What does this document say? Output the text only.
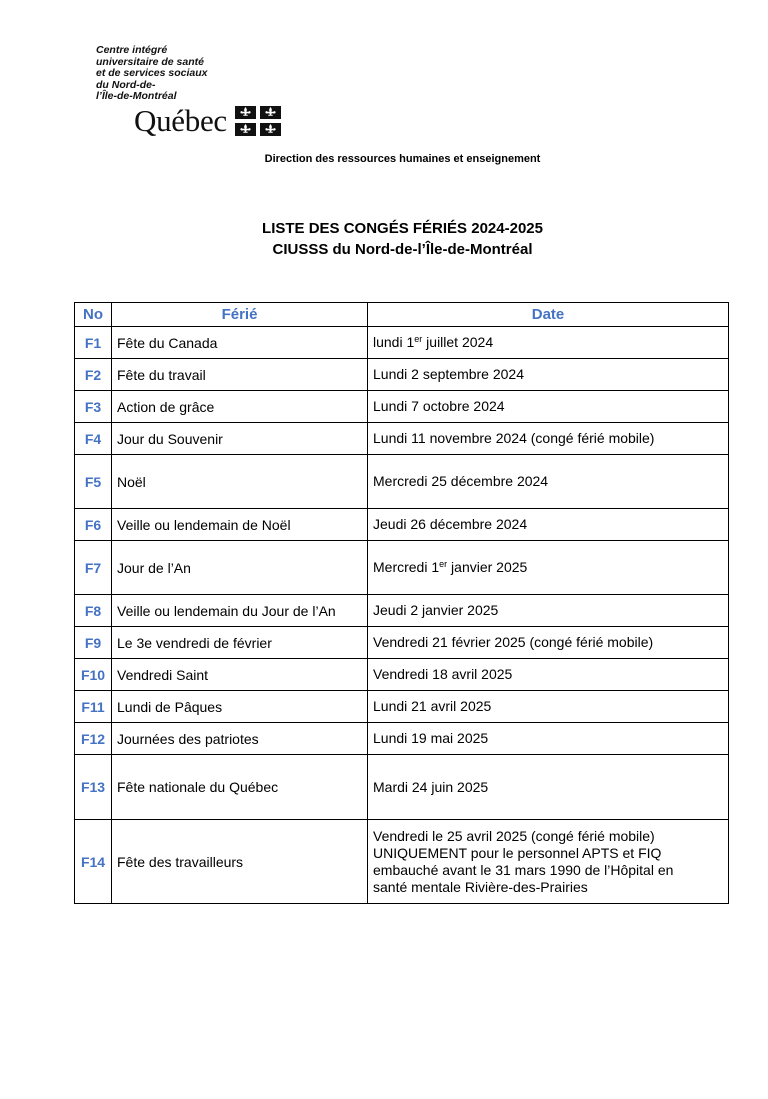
Centre intégré
universitaire de santé
et de services sociaux
du Nord-de-
l’Île-de-Montréal
Québec
Direction des ressources humaines et enseignement
LISTE DES CONGÉS FÉRIÉS 2024-2025
CIUSSS du Nord-de-l’Île-de-Montréal
No	Férié	Date
F1	Fête du Canada	lundi 1er juillet 2024
F2	Fête du travail	Lundi 2 septembre 2024
F3	Action de grâce	Lundi 7 octobre 2024
F4	Jour du Souvenir	Lundi 11 novembre 2024 (congé férié mobile)
F5	Noël	Mercredi 25 décembre 2024
F6	Veille ou lendemain de Noël	Jeudi 26 décembre 2024
F7	Jour de l’An	Mercredi 1er janvier 2025
F8	Veille ou lendemain du Jour de l’An	Jeudi 2 janvier 2025
F9	Le 3e vendredi de février	Vendredi 21 février 2025 (congé férié mobile)
F10	Vendredi Saint	Vendredi 18 avril 2025
F11	Lundi de Pâques	Lundi 21 avril 2025
F12	Journées des patriotes	Lundi 19 mai 2025
F13	Fête nationale du Québec	Mardi 24 juin 2025
F14	Fête des travailleurs	Vendredi le 25 avril 2025 (congé férié mobile)
UNIQUEMENT pour le personnel APTS et FIQ
embauché avant le 31 mars 1990 de l’Hôpital en
santé mentale Rivière-des-Prairies
